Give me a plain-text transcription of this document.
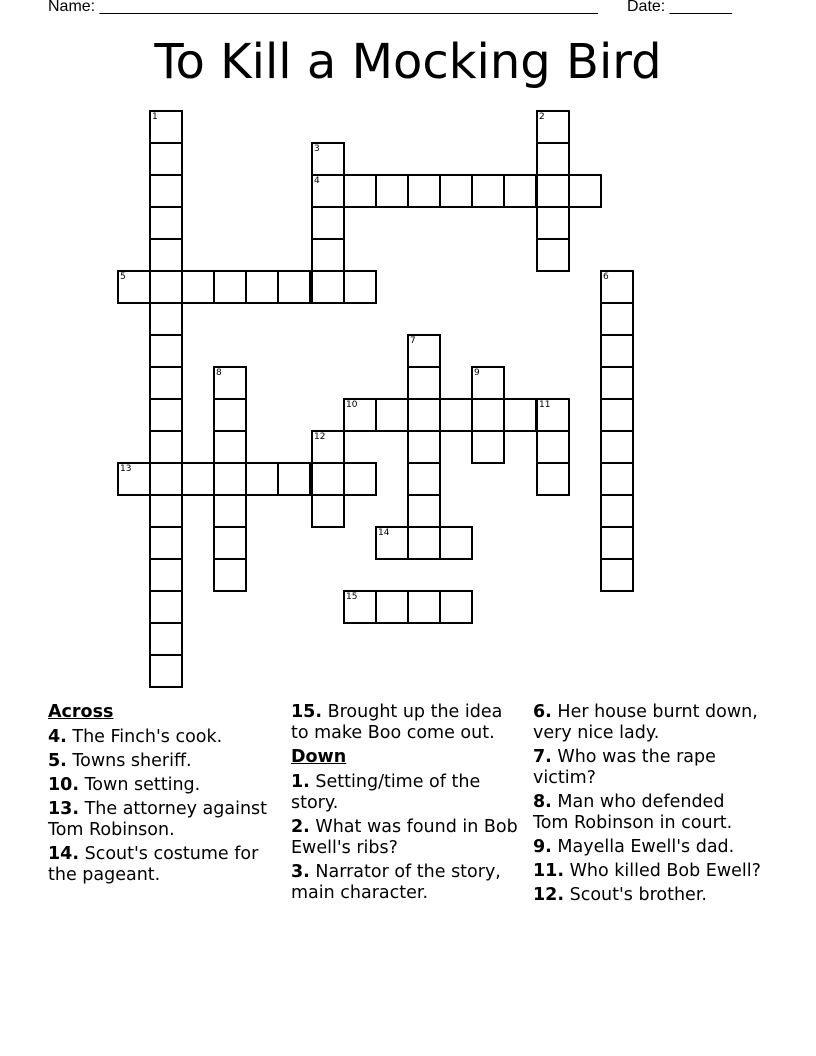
Name: ________________________________________________________ Date: _______
To Kill a Mocking Bird
1	2
3
4
5	6
7
8	9
10	11
12
13
14
15
Across
4. The Finch's cook.
5. Towns sheriff.
10. Town setting.
13. The attorney against Tom Robinson.
14. Scout's costume for the pageant.
15. Brought up the idea to make Boo come out.
Down
1. Setting/time of the story.
2. What was found in Bob Ewell's ribs?
3. Narrator of the story, main character.
6. Her house burnt down, very nice lady.
7. Who was the rape victim?
8. Man who defended Tom Robinson in court.
9. Mayella Ewell's dad.
11. Who killed Bob Ewell?
12. Scout's brother.
